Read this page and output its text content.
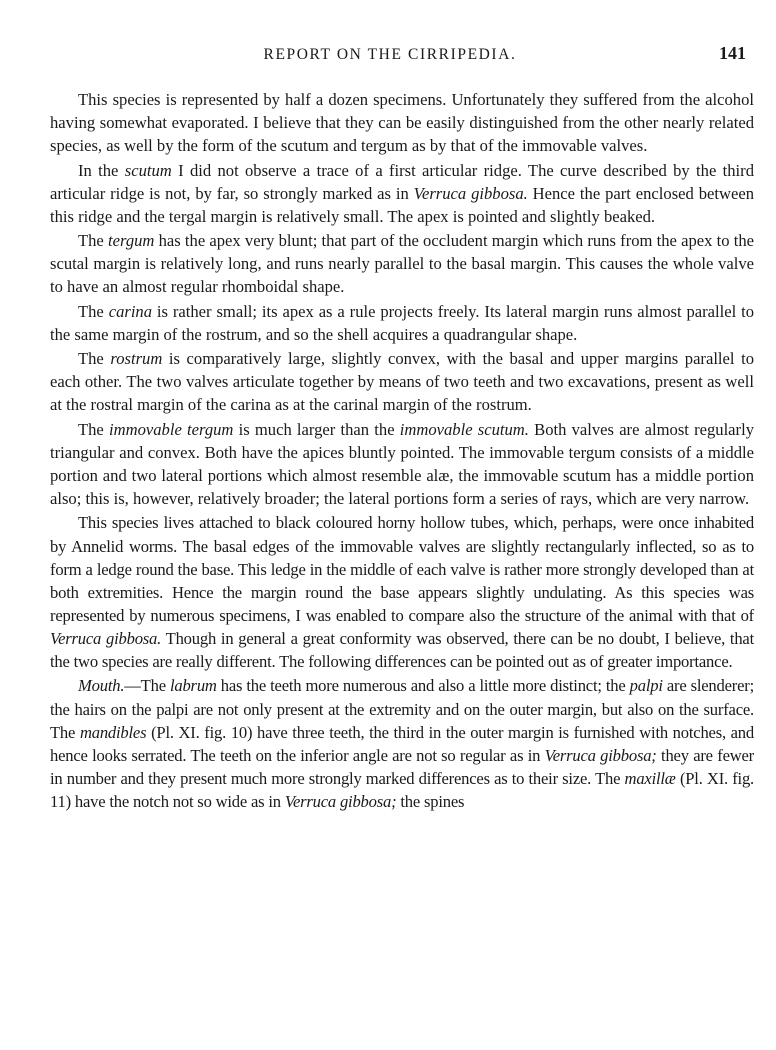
REPORT ON THE CIRRIPEDIA.	141

This species is represented by half a dozen specimens. Unfortunately they suffered from the alcohol having somewhat evaporated. I believe that they can be easily distinguished from the other nearly related species, as well by the form of the scutum and tergum as by that of the immovable valves.

In the scutum I did not observe a trace of a first articular ridge. The curve described by the third articular ridge is not, by far, so strongly marked as in Verruca gibbosa. Hence the part enclosed between this ridge and the tergal margin is relatively small. The apex is pointed and slightly beaked.

The tergum has the apex very blunt; that part of the occludent margin which runs from the apex to the scutal margin is relatively long, and runs nearly parallel to the basal margin. This causes the whole valve to have an almost regular rhomboidal shape.

The carina is rather small; its apex as a rule projects freely. Its lateral margin runs almost parallel to the same margin of the rostrum, and so the shell acquires a quadrangular shape.

The rostrum is comparatively large, slightly convex, with the basal and upper margins parallel to each other. The two valves articulate together by means of two teeth and two excavations, present as well at the rostral margin of the carina as at the carinal margin of the rostrum.

The immovable tergum is much larger than the immovable scutum. Both valves are almost regularly triangular and convex. Both have the apices bluntly pointed. The immovable tergum consists of a middle portion and two lateral portions which almost resemble alæ, the immovable scutum has a middle portion also; this is, however, relatively broader; the lateral portions form a series of rays, which are very narrow.

This species lives attached to black coloured horny hollow tubes, which, perhaps, were once inhabited by Annelid worms. The basal edges of the immovable valves are slightly rectangularly inflected, so as to form a ledge round the base. This ledge in the middle of each valve is rather more strongly developed than at both extremities. Hence the margin round the base appears slightly undulating. As this species was represented by numerous specimens, I was enabled to compare also the structure of the animal with that of Verruca gibbosa. Though in general a great conformity was observed, there can be no doubt, I believe, that the two species are really different. The following differences can be pointed out as of greater importance.

Mouth.—The labrum has the teeth more numerous and also a little more distinct; the palpi are slenderer; the hairs on the palpi are not only present at the extremity and on the outer margin, but also on the surface. The mandibles (Pl. XI. fig. 10) have three teeth, the third in the outer margin is furnished with notches, and hence looks serrated. The teeth on the inferior angle are not so regular as in Verruca gibbosa; they are fewer in number and they present much more strongly marked differences as to their size. The maxillæ (Pl. XI. fig. 11) have the notch not so wide as in Verruca gibbosa; the spines
